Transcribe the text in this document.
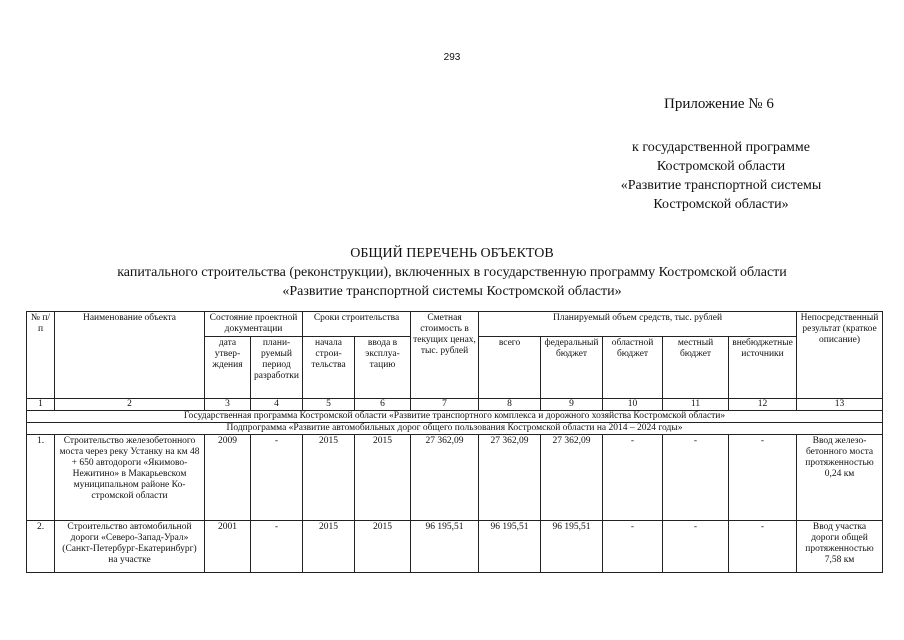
293
Приложение № 6
к государственной программе
Костромской области
«Развитие транспортной системы
Костромской области»
ОБЩИЙ ПЕРЕЧЕНЬ ОБЪЕКТОВ
капитального строительства (реконструкции), включенных в государственную программу Костромской области
«Развитие транспортной системы Костромской области»
№ п/п	Наименование объекта	Состояние проектной документации		Сроки строительства		Сметная стоимость в текущих ценах, тыс. рублей	Планируемый объем средств, тыс. рублей					Непосредственный результат (краткое описание)
		дата утверждения	планируемый период разработки	начала строительства	ввода в эксплуатацию		всего	федеральный бюджет	областной бюджет	местный бюджет	внебюджетные источники	
1	2	3	4	5	6	7	8	9	10	11	12	13
Государственная программа Костромской области «Развитие транспортного комплекса и дорожного хозяйства Костромской области»												
Подпрограмма «Развитие автомобильных дорог общего пользования Костромской области на 2014 – 2024 годы»												
1.	Строительство железобетонного моста через реку Устанку на км 48 + 650 автодороги «Якимово-Нежитино» в Макарьевском муниципальном районе Костромской области	2009	-	2015	2015	27 362,09	27 362,09	27 362,09	-	-	-	Ввод железобетонного моста протяженностью 0,24 км
2.	Строительство автомобильной дороги «Северо-Запад-Урал» (Санкт-Петербург-Екатеринбург) на участке	2001	-	2015	2015	96 195,51	96 195,51	96 195,51	-	-	-	Ввод участка дороги общей протяженностью 7,58 км
